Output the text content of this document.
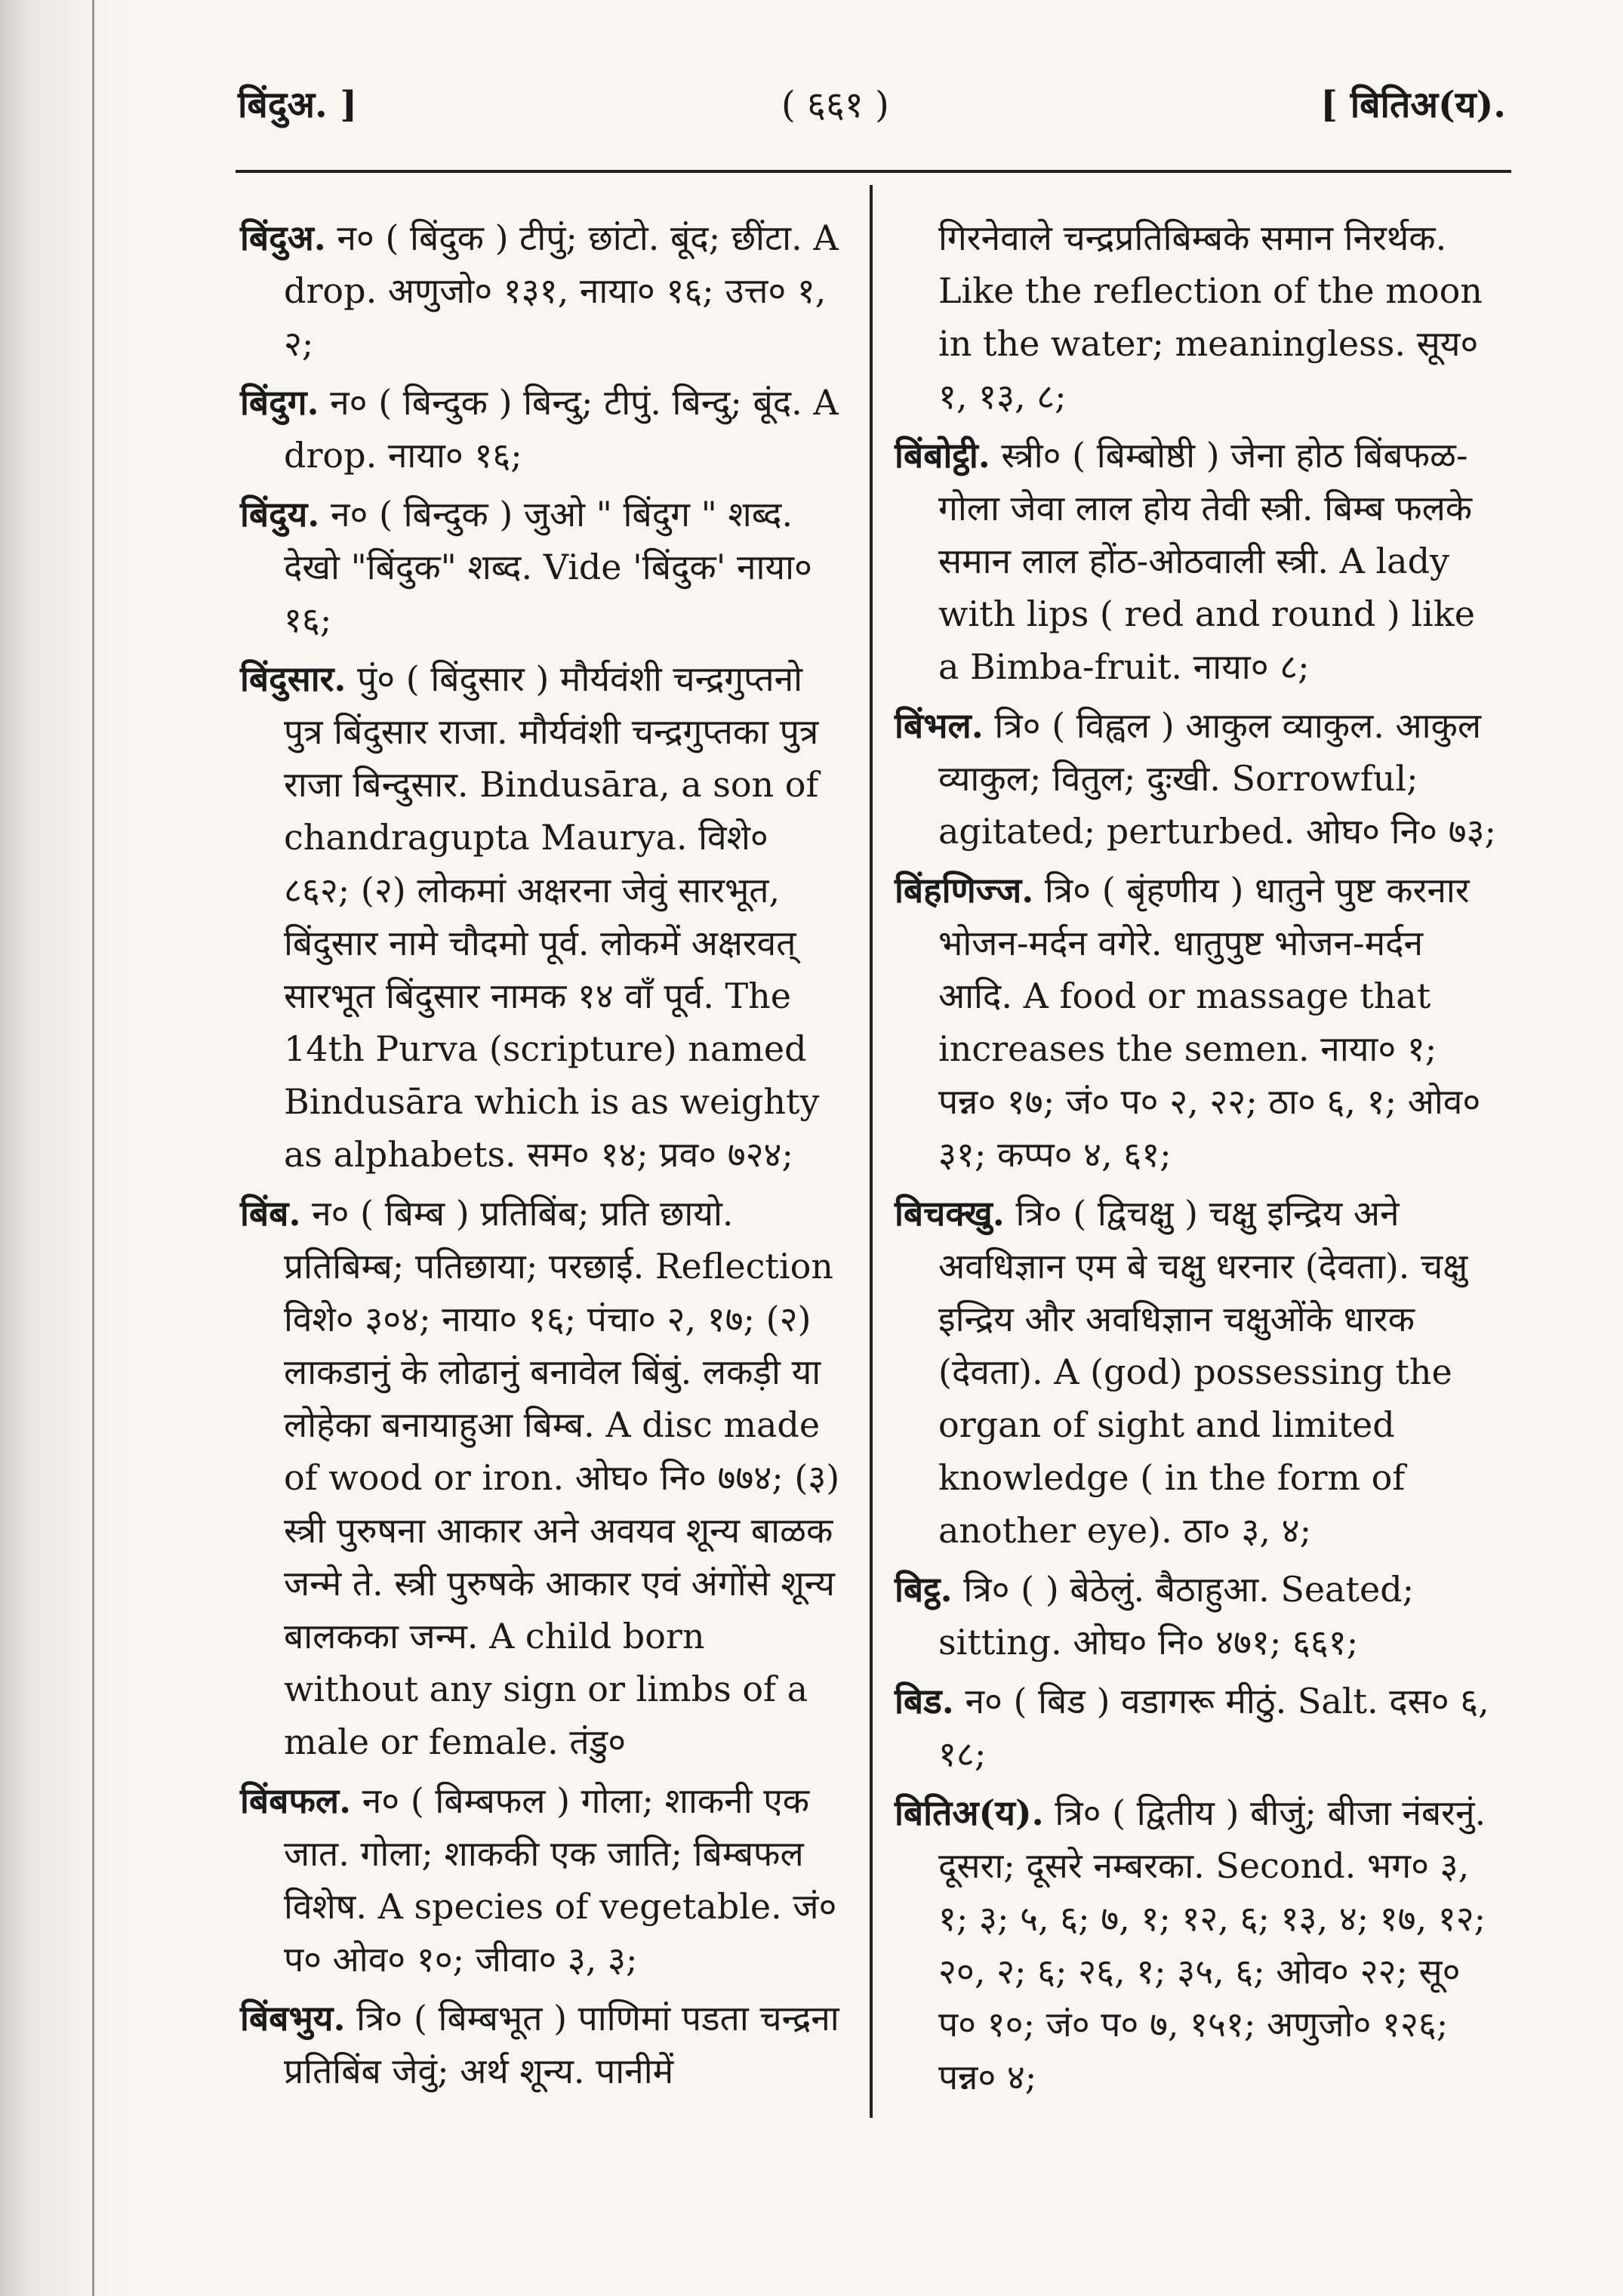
बिंदुअ. ]	( ६६१ )	[ बितिअ(य).

बिंदुअ. न० ( बिंदुक ) टीपुं; छांटो. बूंद; छींटा. A drop. अणुजो० १३१, नाया० १६; उत्त० १, २;

बिंदुग. न० ( बिन्दुक ) बिन्दु; टीपुं. बिन्दु; बूंद. A drop. नाया० १६;

बिंदुय. न० ( बिन्दुक ) जुओ " बिंदुग " शब्द. देखो "बिंदुक" शब्द. Vide 'बिंदुक' नाया० १६;

बिंदुसार. पुं० ( बिंदुसार ) मौर्यवंशी चन्द्रगुप्तनो पुत्र बिंदुसार राजा. मौर्यवंशी चन्द्रगुप्तका पुत्र राजा बिन्दुसार. Bindusāra, a son of chandragupta Maurya. विशे० ८६२; (२) लोकमां अक्षरना जेवुं सारभूत, बिंदुसार नामे चौदमो पूर्व. लोकमें अक्षरवत् सारभूत बिंदुसार नामक १४ वाँ पूर्व. The 14th Purva (scripture) named Bindusāra which is as weighty as alphabets. सम० १४; प्रव० ७२४;

बिंब. न० ( बिम्ब ) प्रतिबिंब; प्रति छायो. प्रतिबिम्ब; पतिछाया; परछाई. Reflection विशे० ३०४; नाया० १६; पंचा० २, १७; (२) लाकडानुं के लोढानुं बनावेल बिंबुं. लकड़ी या लोहेका बनायाहुआ बिम्ब. A disc made of wood or iron. ओघ० नि० ७७४; (३) स्त्री पुरुषना आकार अने अवयव शून्य बाळक जन्मे ते. स्त्री पुरुषके आकार एवं अंगोंसे शून्य बालकका जन्म. A child born without any sign or limbs of a male or female. तंडु०

बिंबफल. न० ( बिम्बफल ) गोला; शाकनी एक जात. गोला; शाककी एक जाति; बिम्बफल विशेष. A species of vegetable. जं० प० ओव० १०; जीवा० ३, ३;

बिंबभुय. त्रि० ( बिम्बभूत ) पाणिमां पडता चन्द्रना प्रतिबिंब जेवुं; अर्थ शून्य. पानीमें

गिरनेवाले चन्द्रप्रतिबिम्बके समान निरर्थक. Like the reflection of the moon in the water; meaningless. सूय० १, १३, ८;

बिंबोट्ठी. स्त्री० ( बिम्बोष्ठी ) जेना होठ बिंबफळ-गोला जेवा लाल होय तेवी स्त्री. बिम्ब फलके समान लाल होंठ-ओठवाली स्त्री. A lady with lips ( red and round ) like a Bimba-fruit. नाया० ८;

बिंभल. त्रि० ( विह्वल ) आकुल व्याकुल. आकुल व्याकुल; वितुल; दुःखी. Sorrowful; agitated; perturbed. ओघ० नि० ७३;

बिंहणिज्ज. त्रि० ( बृंहणीय ) धातुने पुष्ट करनार भोजन-मर्दन वगेरे. धातुपुष्ट भोजन-मर्दन आदि. A food or massage that increases the semen. नाया० १; पन्न० १७; जं० प० २, २२; ठा० ६, १; ओव० ३१; कप्प० ४, ६१;

बिचक्खु. त्रि० ( द्विचक्षु ) चक्षु इन्द्रिय अने अवधिज्ञान एम बे चक्षु धरनार (देवता). चक्षु इन्द्रिय और अवधिज्ञान चक्षुओंके धारक (देवता). A (god) possessing the organ of sight and limited knowledge ( in the form of another eye). ठा० ३, ४;

बिट्ठ. त्रि० ( ) बेठेलुं. बैठाहुआ. Seated; sitting. ओघ० नि० ४७१; ६६१;

बिड. न० ( बिड ) वडागरू मीठुं. Salt. दस० ६, १८;

बितिअ(य). त्रि० ( द्वितीय ) बीजुं; बीजा नंबरनुं. दूसरा; दूसरे नम्बरका. Second. भग० ३, १; ३; ५, ६; ७, १; १२, ६; १३, ४; १७, १२; २०, २; ६; २६, १; ३५, ६; ओव० २२; सू० प० १०; जं० प० ७, १५१; अणुजो० १२६; पन्न० ४;
